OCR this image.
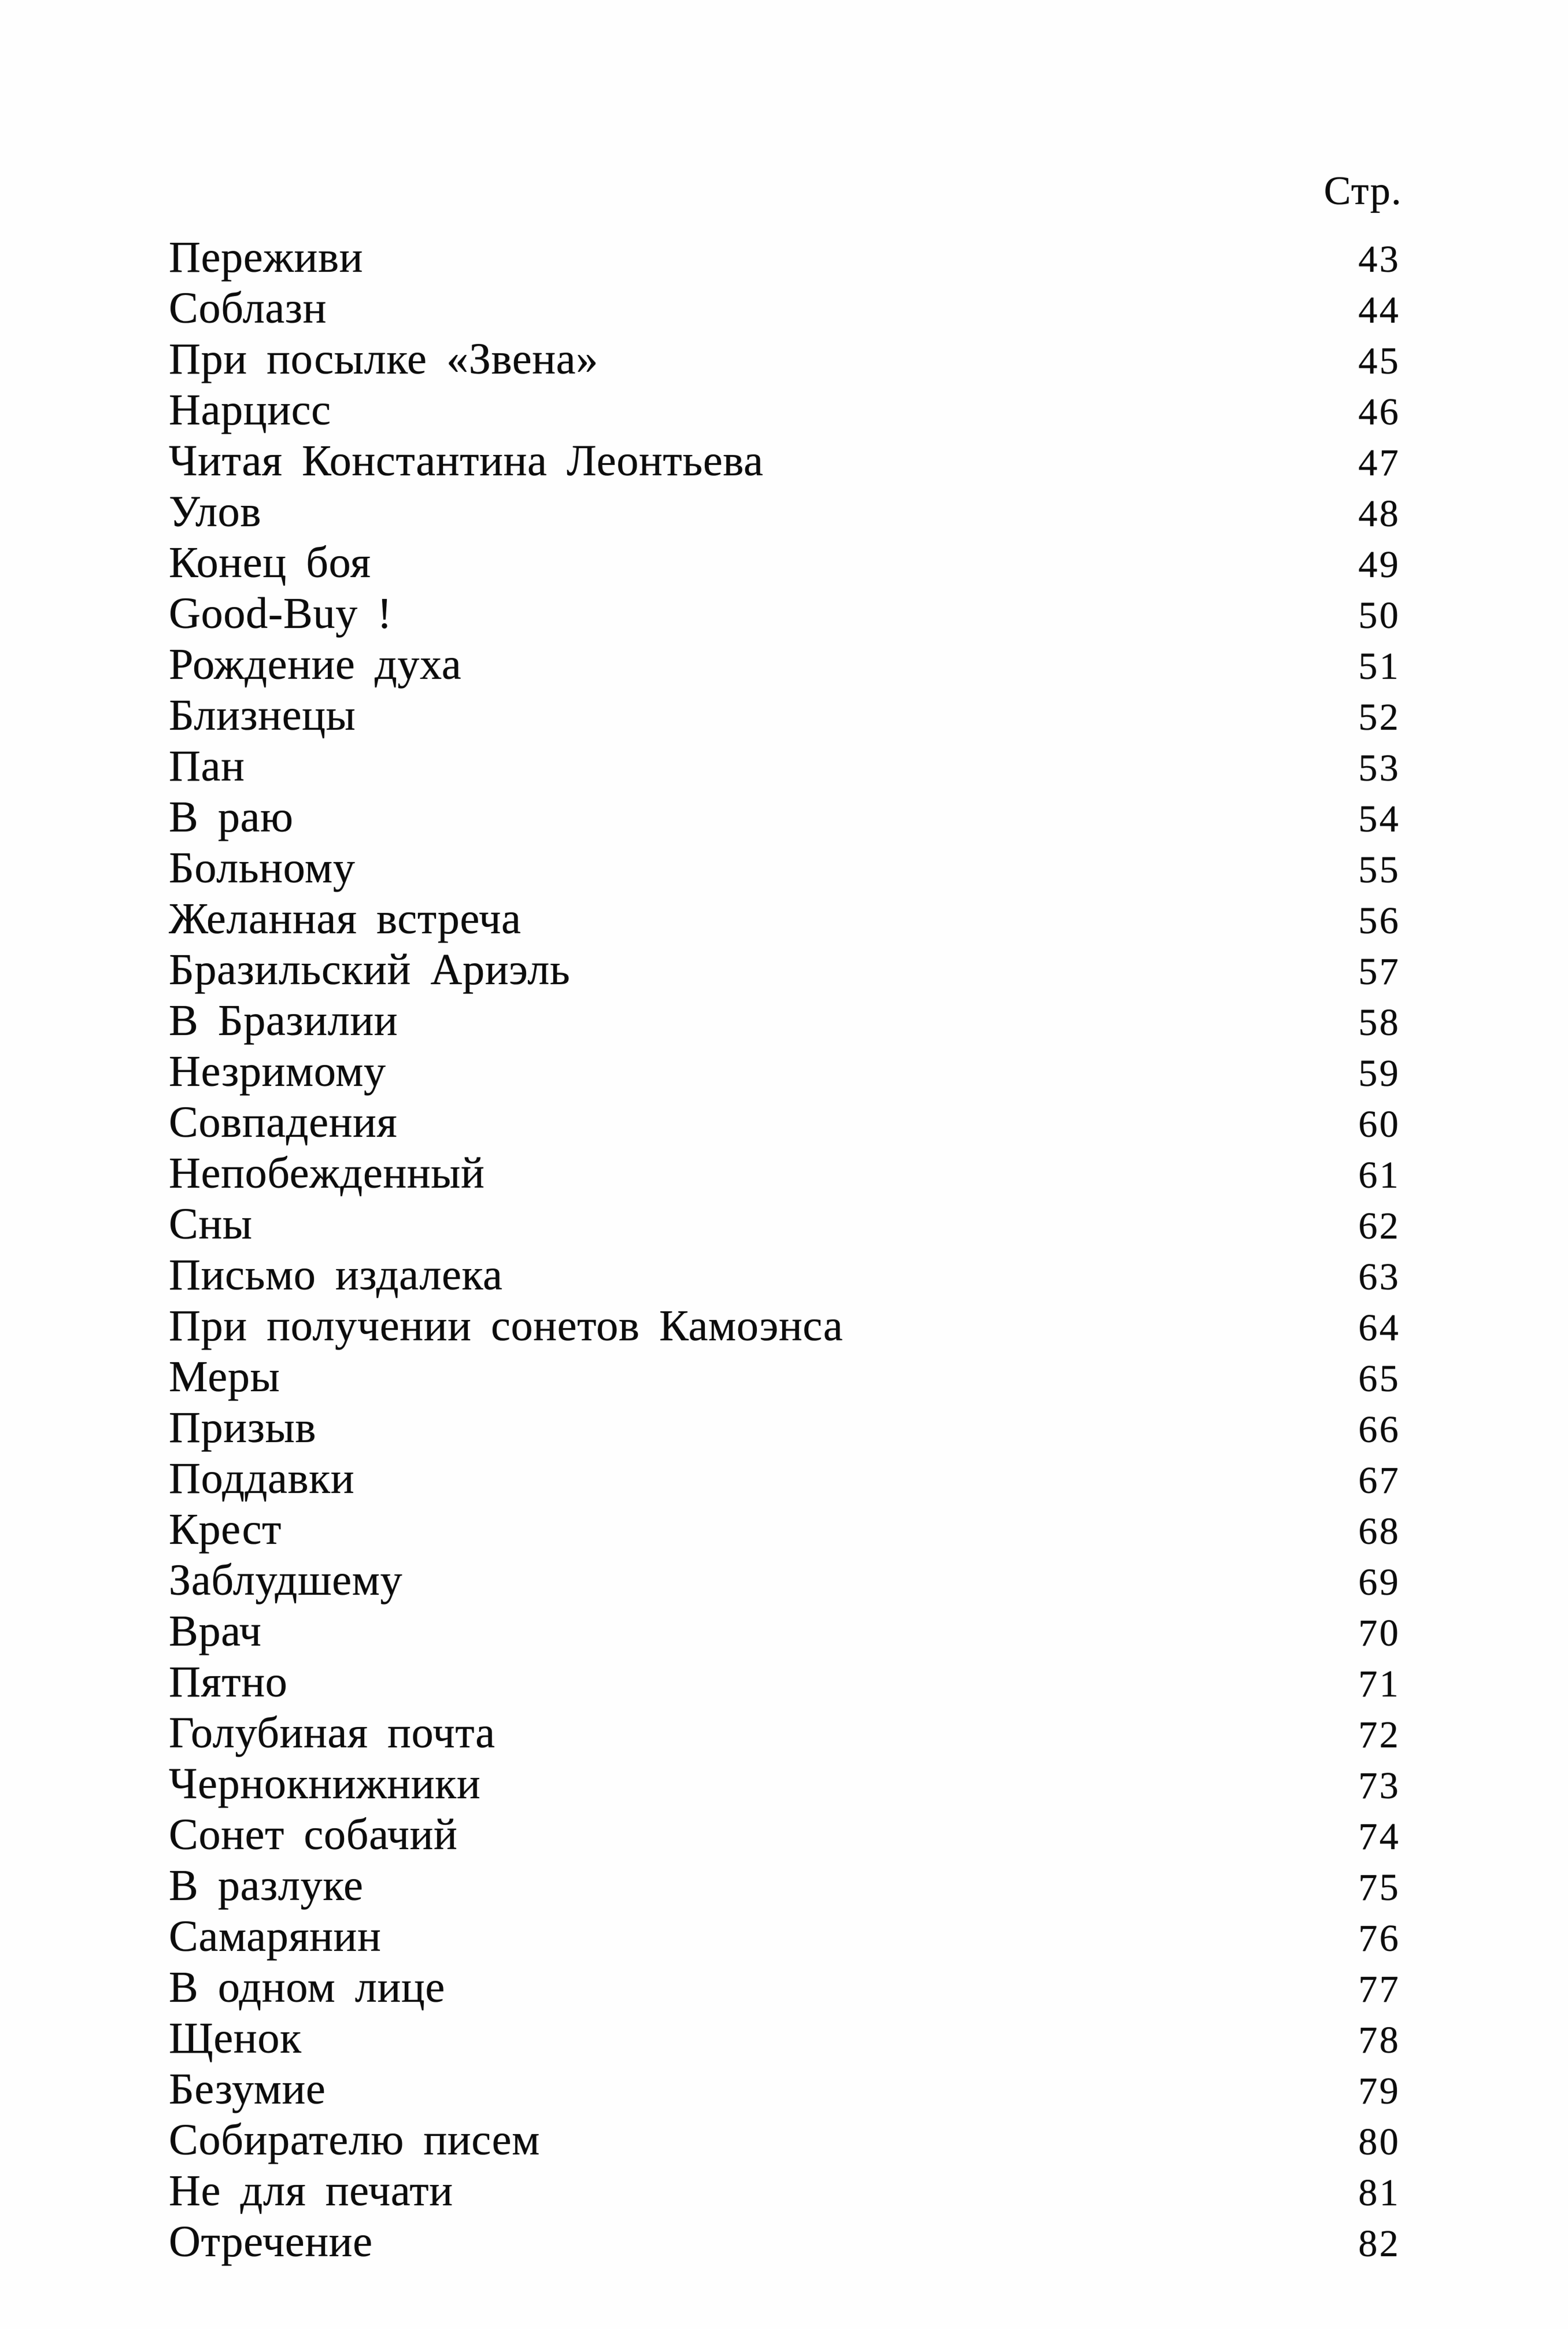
Стр.
Переживи	43
Соблазн	44
При посылке «Звена»	45
Нарцисс	46
Читая Константина Леонтьева	47
Улов	48
Конец боя	49
Good-Buy !	50
Рождение духа	51
Близнецы	52
Пан	53
В раю	54
Больному	55
Желанная встреча	56
Бразильский Ариэль	57
В Бразилии	58
Незримому	59
Совпадения	60
Непобежденный	61
Сны	62
Письмо издалека	63
При получении сонетов Камоэнса	64
Меры	65
Призыв	66
Поддавки	67
Крест	68
Заблудшему	69
Врач	70
Пятно	71
Голубиная почта	72
Чернокнижники	73
Сонет собачий	74
В разлуке	75
Самарянин	76
В одном лице	77
Щенок	78
Безумие	79
Собирателю писем	80
Не для печати	81
Отречение	82
